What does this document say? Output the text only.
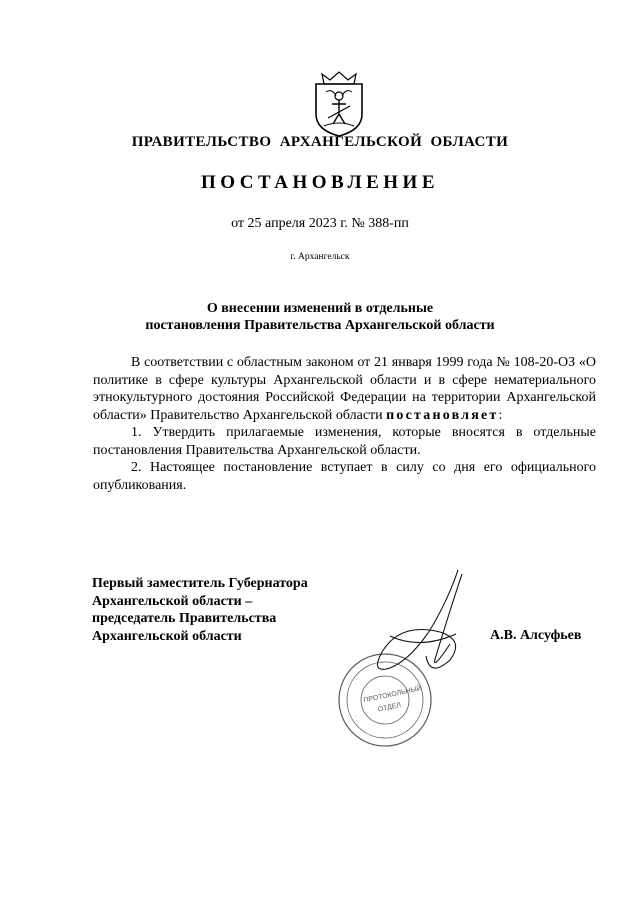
ПРАВИТЕЛЬСТВО  АРХАНГЕЛЬСКОЙ  ОБЛАСТИ
ПОСТАНОВЛЕНИЕ
от 25 апреля 2023 г. № 388-пп
г. Архангельск
О внесении изменений в отдельные
постановления Правительства Архангельской области

В соответствии с областным законом от 21 января 1999 года № 108-20-ОЗ «О политике в сфере культуры Архангельской области и в сфере нематериального этнокультурного достояния Российской Федерации на территории Архангельской области» Правительство Архангельской области постановляет:

1. Утвердить прилагаемые изменения, которые вносятся в отдельные постановления Правительства Архангельской области.

2. Настоящее постановление вступает в силу со дня его официального опубликования.

Первый заместитель Губернатора
Архангельской области –
председатель Правительства
Архангельской области
ПРОТОКОЛЬНЫЙ
ОТДЕЛ
А.В. Алсуфьев
